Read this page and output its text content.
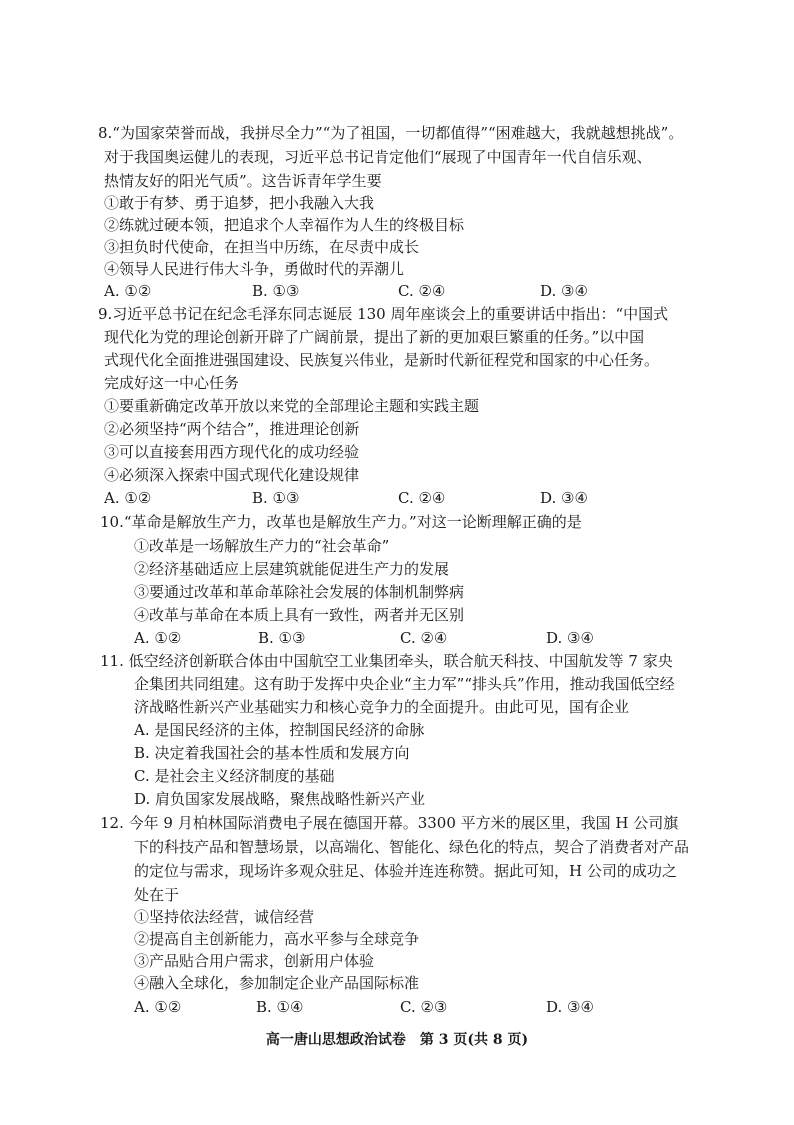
8.“为国家荣誉而战，我拼尽全力”“为了祖国，一切都值得”“困难越大，我就越想挑战”。
对于我国奥运健儿的表现，习近平总书记肯定他们“展现了中国青年一代自信乐观、
热情友好的阳光气质”。这告诉青年学生要
①敢于有梦、勇于追梦，把小我融入大我
②练就过硬本领，把追求个人幸福作为人生的终极目标
③担负时代使命，在担当中历练，在尽责中成长
④领导人民进行伟大斗争，勇做时代的弄潮儿
A. ①②	B. ①③	C. ②④	D. ③④
9.习近平总书记在纪念毛泽东同志诞辰 130 周年座谈会上的重要讲话中指出：“中国式
现代化为党的理论创新开辟了广阔前景，提出了新的更加艰巨繁重的任务。”以中国
式现代化全面推进强国建设、民族复兴伟业，是新时代新征程党和国家的中心任务。
完成好这一中心任务
①要重新确定改革开放以来党的全部理论主题和实践主题
②必须坚持“两个结合”，推进理论创新
③可以直接套用西方现代化的成功经验
④必须深入探索中国式现代化建设规律
A. ①②	B. ①③	C. ②④	D. ③④
10.“革命是解放生产力，改革也是解放生产力。”对这一论断理解正确的是
①改革是一场解放生产力的“社会革命”
②经济基础适应上层建筑就能促进生产力的发展
③要通过改革和革命革除社会发展的体制机制弊病
④改革与革命在本质上具有一致性，两者并无区别
A. ①②	B. ①③	C. ②④	D. ③④
11. 低空经济创新联合体由中国航空工业集团牵头，联合航天科技、中国航发等 7 家央
企集团共同组建。这有助于发挥中央企业“主力军”“排头兵”作用，推动我国低空经
济战略性新兴产业基础实力和核心竞争力的全面提升。由此可见，国有企业
A. 是国民经济的主体，控制国民经济的命脉
B. 决定着我国社会的基本性质和发展方向
C. 是社会主义经济制度的基础
D. 肩负国家发展战略，聚焦战略性新兴产业
12. 今年 9 月柏林国际消费电子展在德国开幕。3300 平方米的展区里，我国 H 公司旗
下的科技产品和智慧场景，以高端化、智能化、绿色化的特点，契合了消费者对产品
的定位与需求，现场许多观众驻足、体验并连连称赞。据此可知，H 公司的成功之
处在于
①坚持依法经营，诚信经营
②提高自主创新能力，高水平参与全球竞争
③产品贴合用户需求，创新用户体验
④融入全球化，参加制定企业产品国际标准
A. ①②	B. ①④	C. ②③	D. ③④
高一唐山思想政治试卷　第 3 页(共 8 页)
